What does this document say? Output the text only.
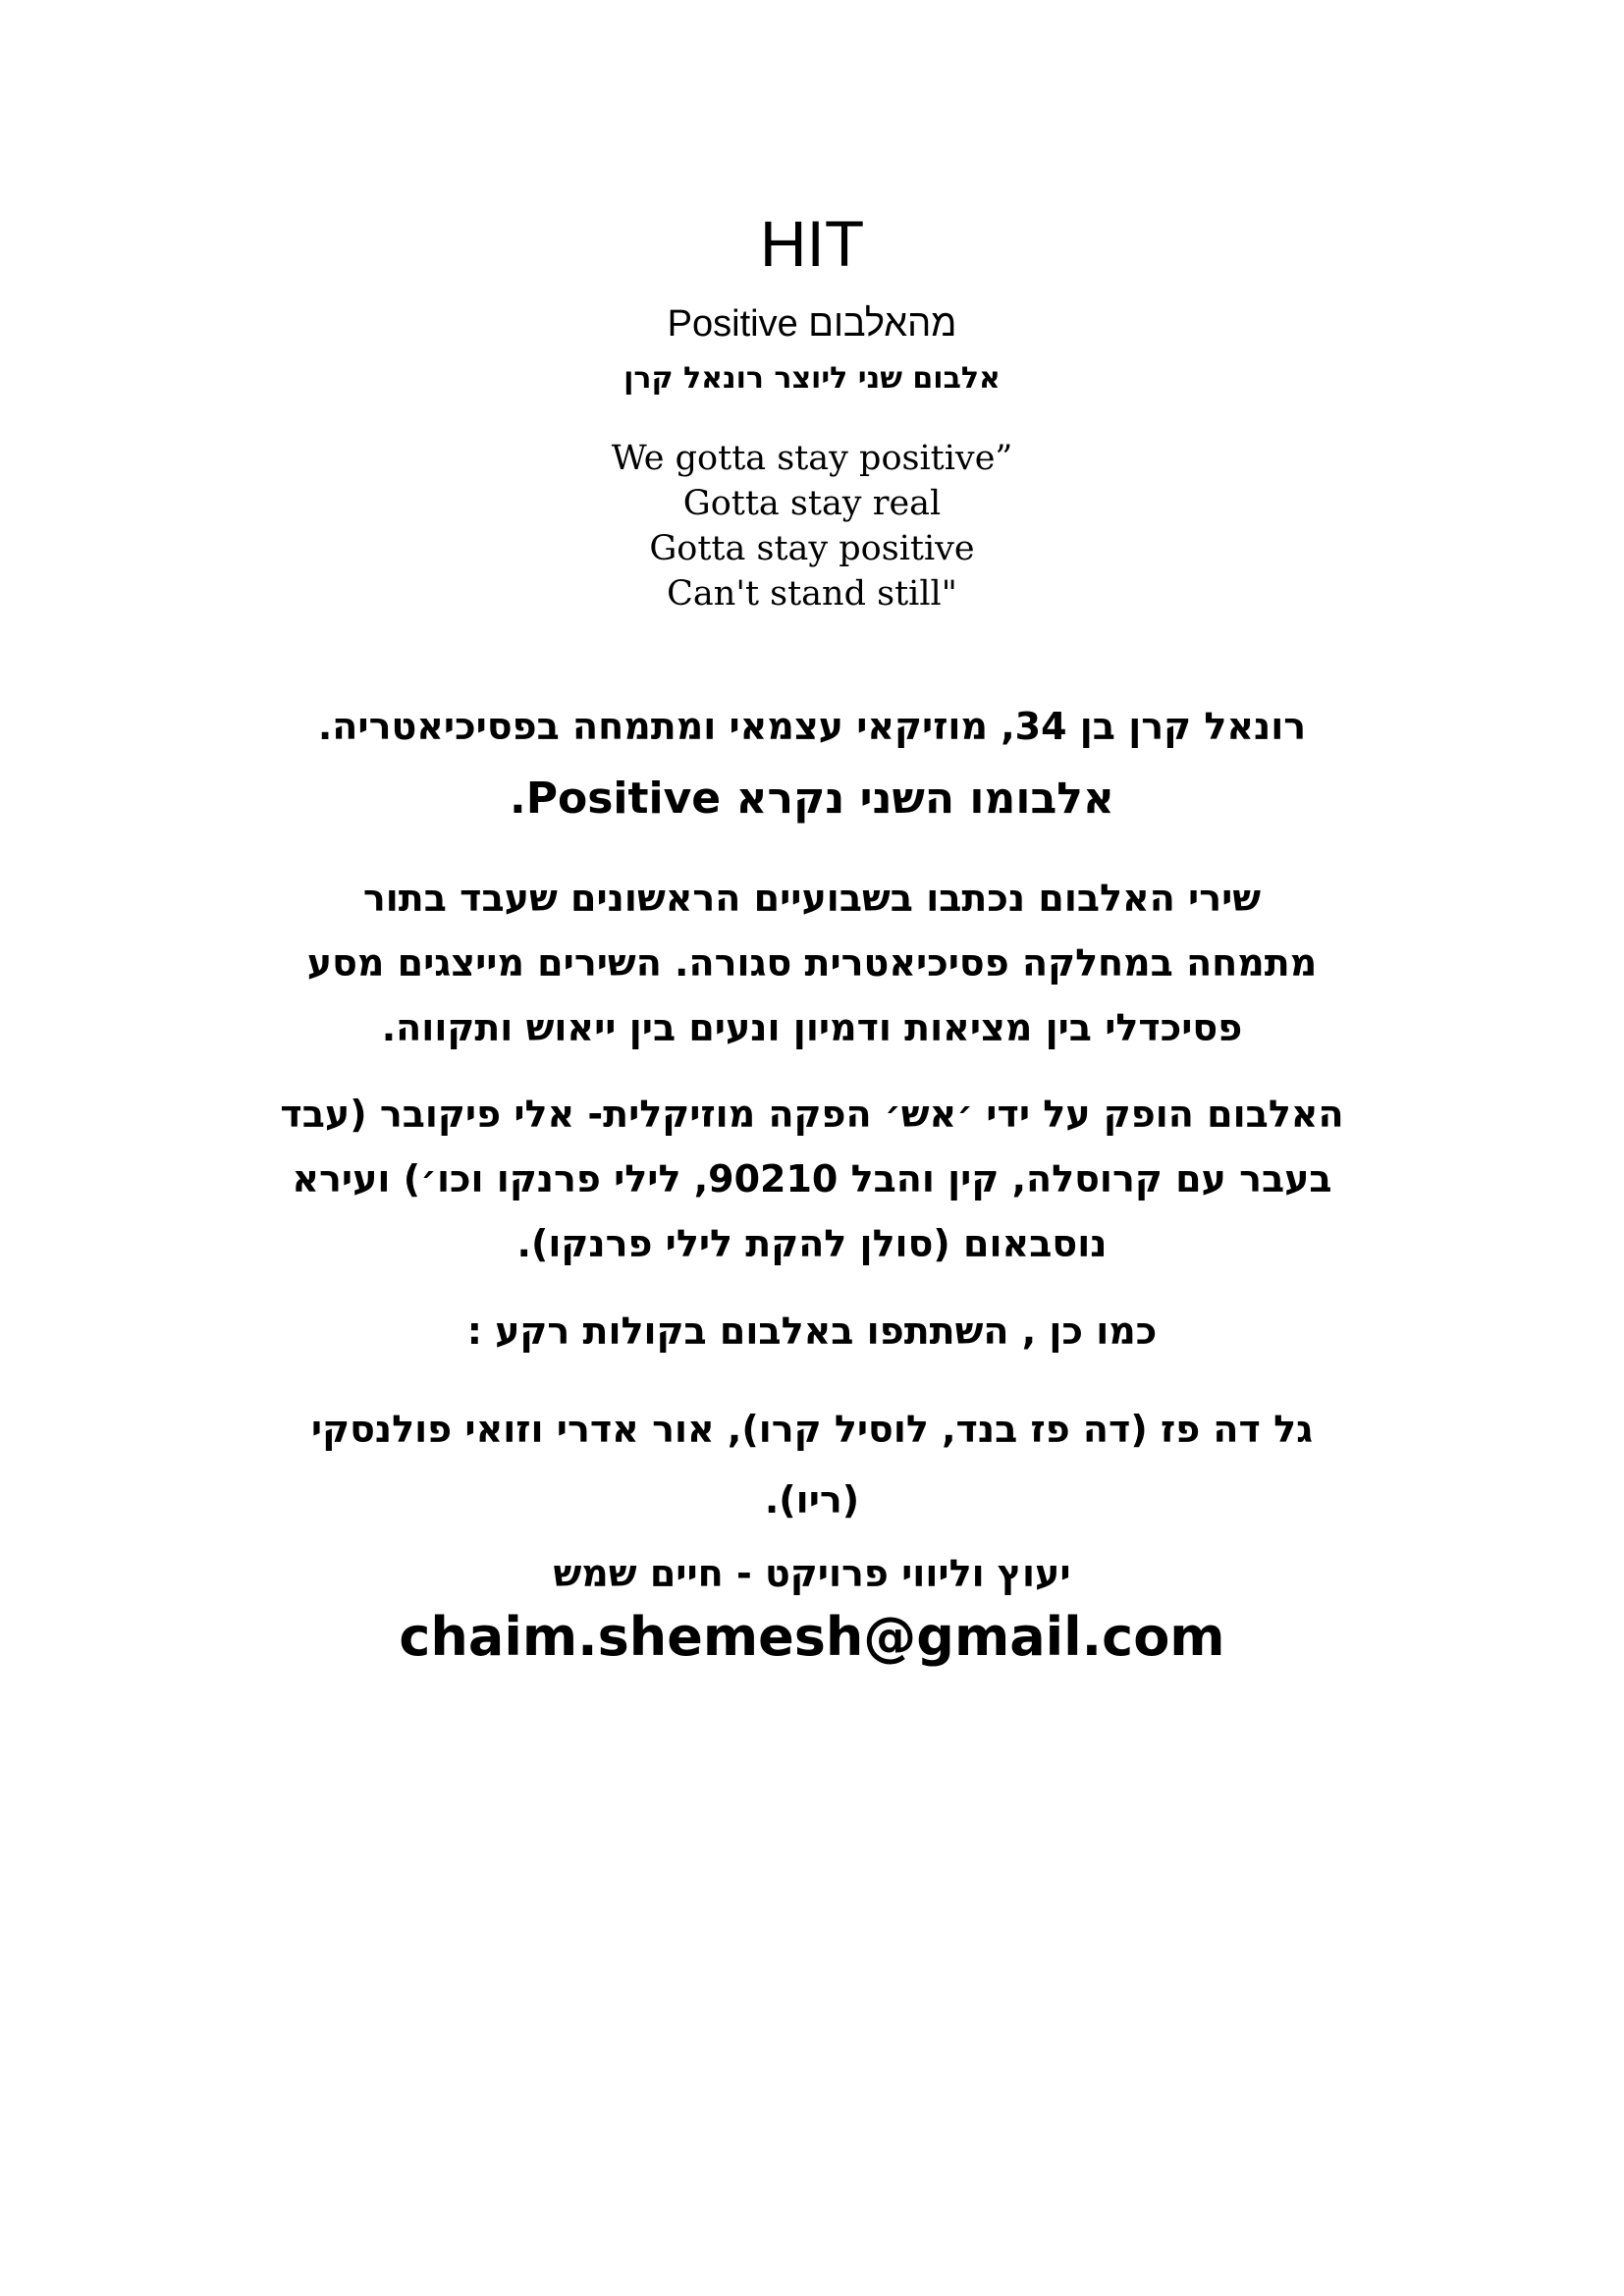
HIT
מהאלבום Positive
אלבום שני ליוצר רונאל קרן
We gotta stay positive”
Gotta stay real
Gotta stay positive
Can't stand still"
רונאל קרן בן 34, מוזיקאי עצמאי ומתמחה בפסיכיאטריה.
אלבומו השני נקרא Positive.
שירי האלבום נכתבו בשבועיים הראשונים שעבד בתור
מתמחה במחלקה פסיכיאטרית סגורה. השירים מייצגים מסע
פסיכדלי בין מציאות ודמיון ונעים בין ייאוש ותקווה.
האלבום הופק על ידי ׳אש׳ הפקה מוזיקלית- אלי פיקובר (עבד
בעבר עם קרוסלה, קין והבל 90210, לילי פרנקו וכו׳) ועירא
נוסבאום (סולן להקת לילי פרנקו).
כמו כן , השתתפו באלבום בקולות רקע :
גל דה פז (דה פז בנד, לוסיל קרו), אור אדרי וזואי פולנסקי
(ריו).
יעוץ וליווי פרויקט - חיים שמש
chaim.shemesh@gmail.com
